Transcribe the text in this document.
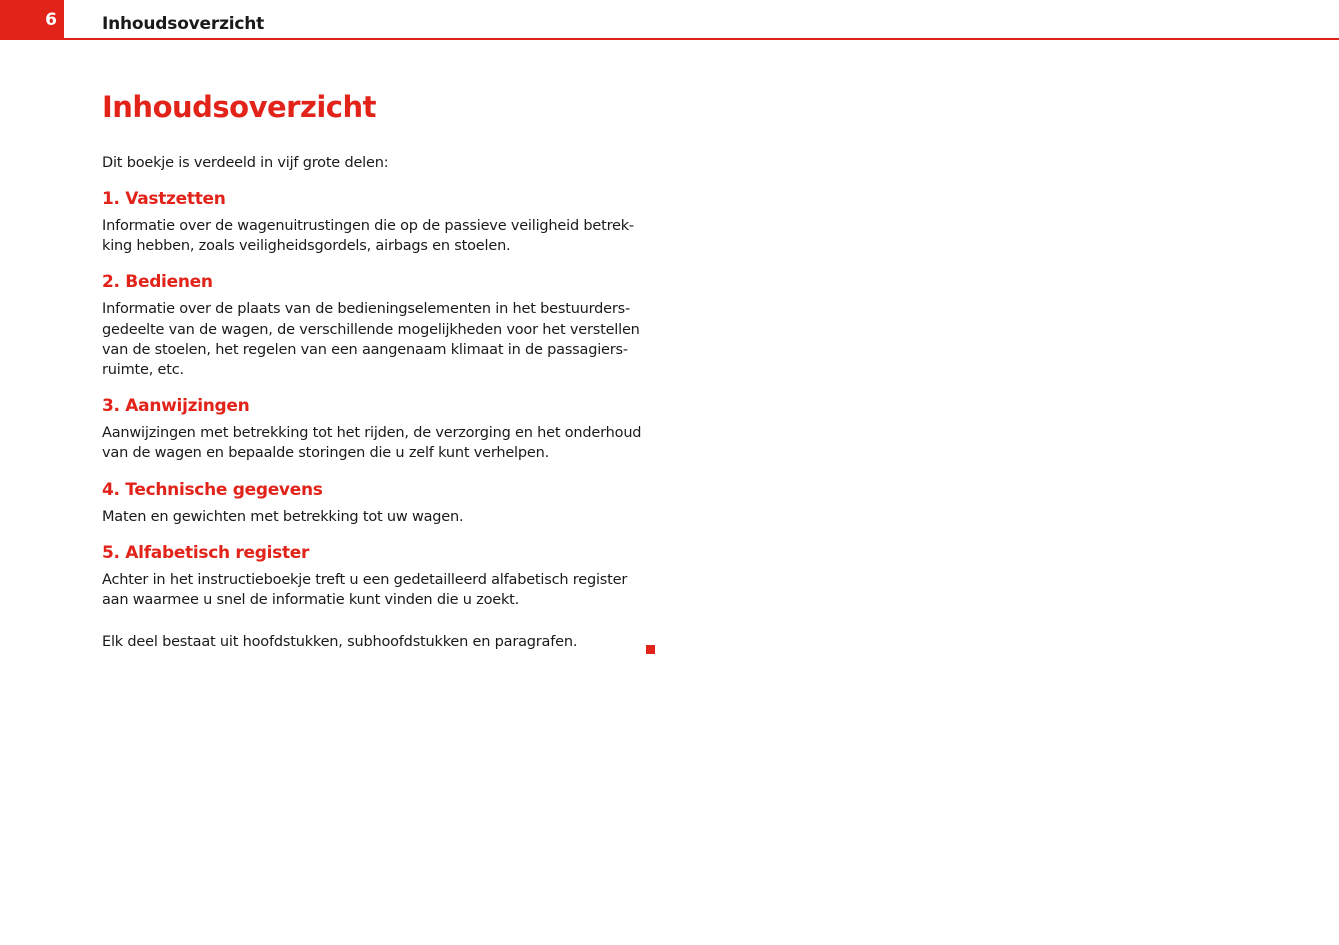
6	Inhoudsoverzicht
Inhoudsoverzicht

Dit boekje is verdeeld in vijf grote delen:

1. Vastzetten

Informatie over de wagenuitrustingen die op de passieve veiligheid betrek-
king hebben, zoals veiligheidsgordels, airbags en stoelen.

2. Bedienen

Informatie over de plaats van de bedieningselementen in het bestuurders-
gedeelte van de wagen, de verschillende mogelijkheden voor het verstellen
van de stoelen, het regelen van een aangenaam klimaat in de passagiers-
ruimte, etc.

3. Aanwijzingen

Aanwijzingen met betrekking tot het rijden, de verzorging en het onderhoud
van de wagen en bepaalde storingen die u zelf kunt verhelpen.

4. Technische gegevens

Maten en gewichten met betrekking tot uw wagen.

5. Alfabetisch register

Achter in het instructieboekje treft u een gedetailleerd alfabetisch register
aan waarmee u snel de informatie kunt vinden die u zoekt.

Elk deel bestaat uit hoofdstukken, subhoofdstukken en paragrafen.
